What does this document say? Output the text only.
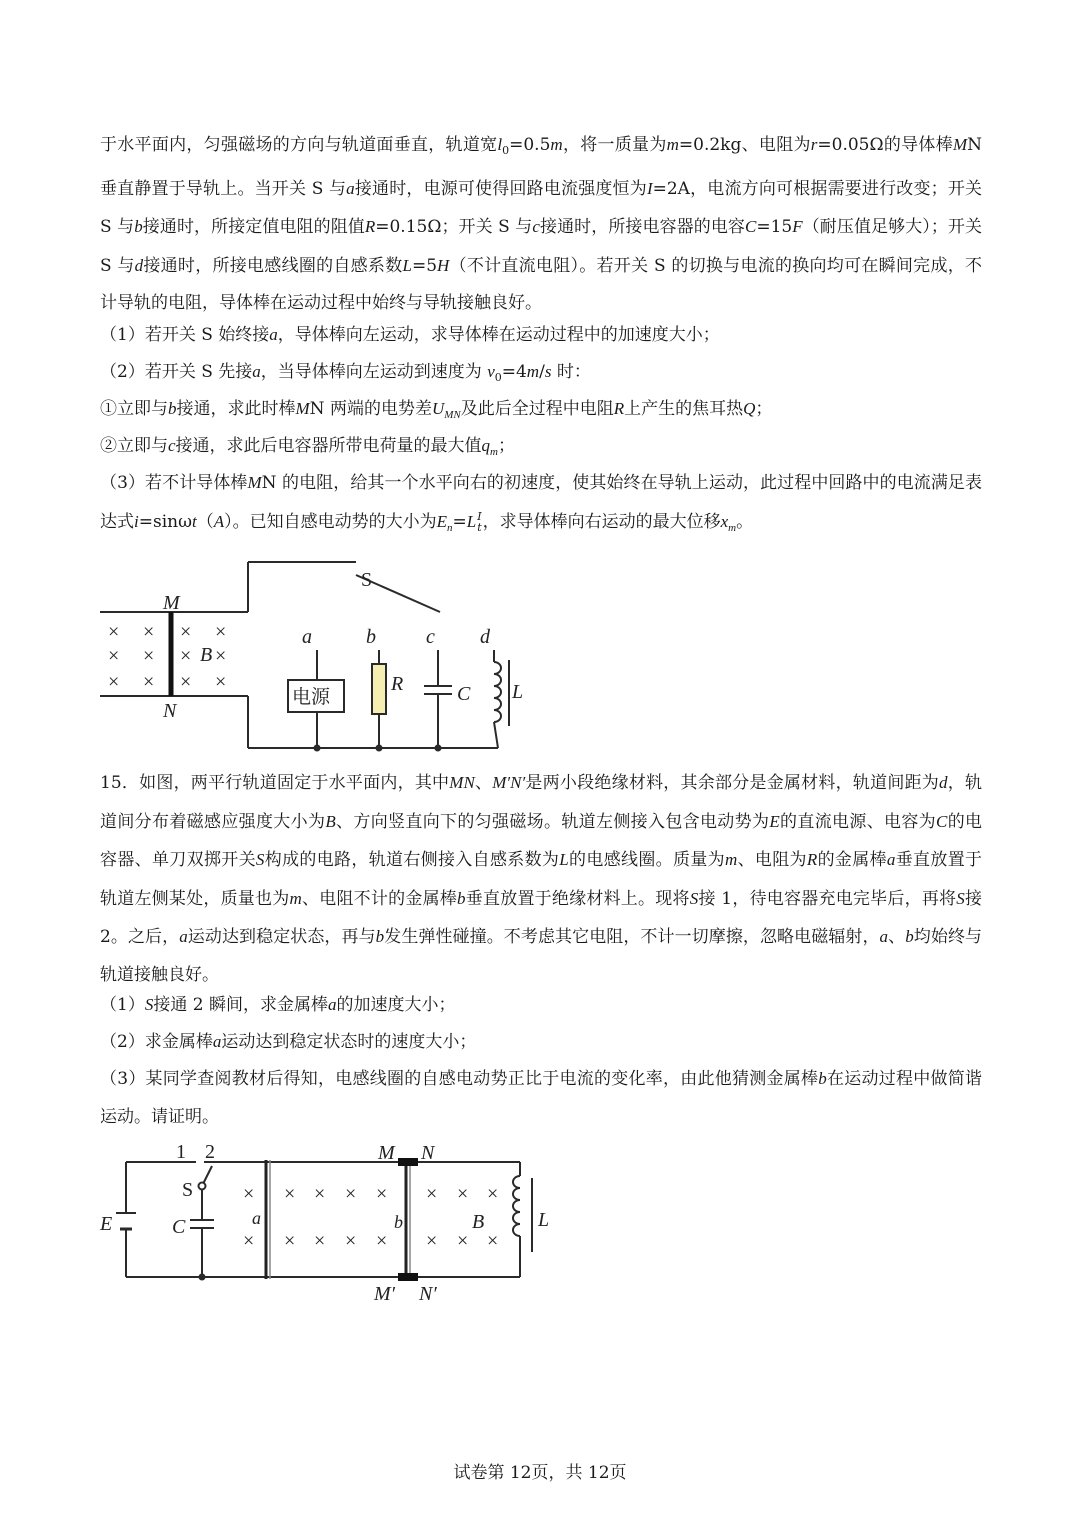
于水平面内，匀强磁场的方向与轨道面垂直，轨道宽$l_0=0.5m$，将一质量为m=0.2kg、电阻为r=0.05Ω的导体棒MN 垂直静置于导轨上。当开关 S 与a接通时，电源可使得回路电流强度恒为I=2A，电流方向可根据需要进行改变；开关 S 与b接通时，所接定值电阻的阻值R=0.15Ω；开关 S 与c接通时，所接电容器的电容C=15F（耐压值足够大）；开关 S 与d接通时，所接电感线圈的自感系数L=5H（不计直流电阻）。若开关 S 的切换与电流的换向均可在瞬间完成，不计导轨的电阻，导体棒在运动过程中始终与导轨接触良好。

（1）若开关 S 始终接a，导体棒向左运动，求导体棒在运动过程中的加速度大小；

（2）若开关 S 先接a，当导体棒向左运动到速度为 $v_0=4m/s$ 时：

①立即与b接通，求此时棒MN 两端的电势差$U_{MN}$及此后全过程中电阻R上产生的焦耳热Q；

②立即与c接通，求此后电容器所带电荷量的最大值$q_m$；

（3）若不计导体棒MN 的电阻，给其一个水平向右的初速度，使其始终在导轨上运动，此过程中回路中的电流满足表达式i=sinωt（A）。已知自感电动势的大小为$E_n=L$ I
t ，求导体棒向右运动的最大位移$x_m$。

× × × ×
× × × ×
× × × ×
M
N
B
a	b	c d
R	C L
S
电源

15．如图，两平行轨道固定于水平面内，其中MN、M′N′是两小段绝缘材料，其余部分是金属材料，轨道间距为d，轨道间分布着磁感应强度大小为B、方向竖直向下的匀强磁场。轨道左侧接入包含电动势为E的直流电源、电容为C的电容器、单刀双掷开关S构成的电路，轨道右侧接入自感系数为L的电感线圈。质量为m、电阻为R的金属棒a垂直放置于轨道左侧某处，质量也为m、电阻不计的金属棒b垂直放置于绝缘材料上。现将S接 1，待电容器充电完毕后，再将S接 2。之后，a运动达到稳定状态，再与b发生弹性碰撞。不考虑其它电阻，不计一切摩擦，忽略电磁辐射，a、b均始终与轨道接触良好。

（1）S接通 2 瞬间，求金属棒a的加速度大小；

（2）求金属棒a运动达到稳定状态时的速度大小；

（3）某同学查阅教材后得知，电感线圈的自感电动势正比于电流的变化率，由此他猜测金属棒b在运动过程中做简谐运动。请证明。

×
×
× × × ×
× × × ×
× × ×
× × ×
1 2
S
E	C	a	b	B	L
M N
M′ N′
试卷第 12页，共 12页
